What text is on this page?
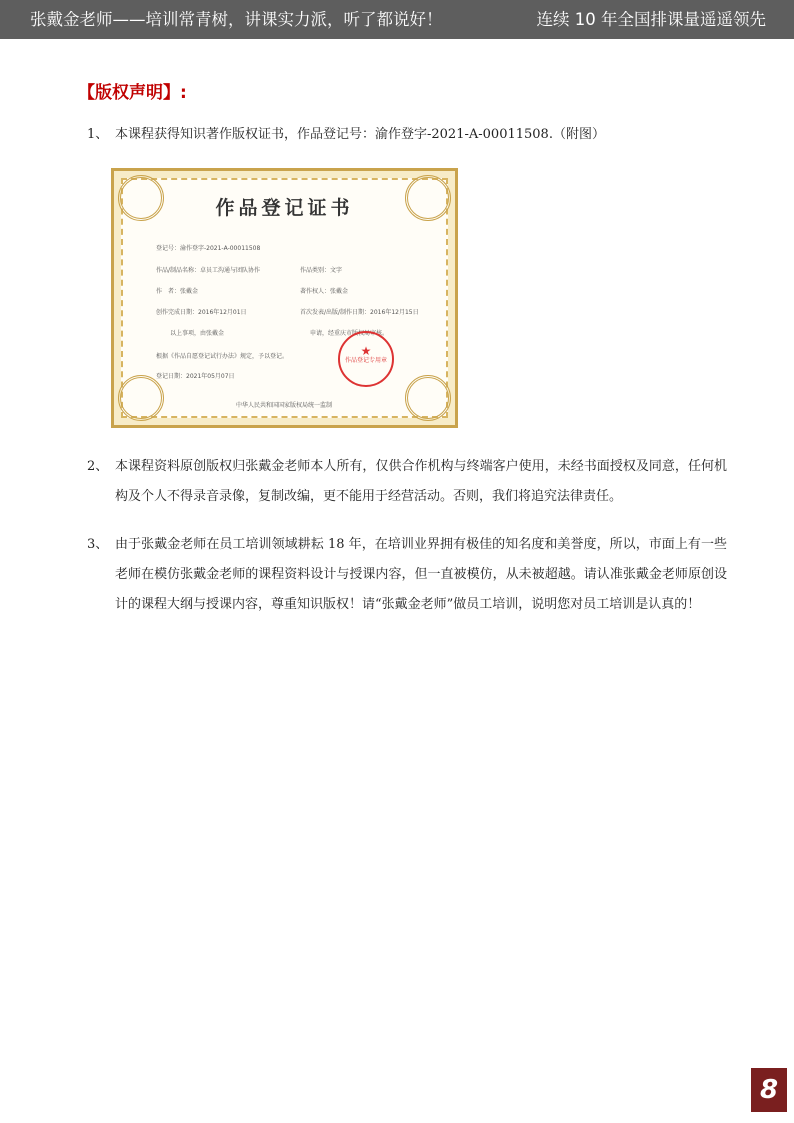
张戴金老师——培训常青树，讲课实力派，听了都说好！	连续 10 年全国排课量遥遥领先
【版权声明】:
1、 本课程获得知识著作版权证书，作品登记号：渝作登字-2021-A-00011508.（附图）
作品登记证书
登记号：渝作登字-2021-A-00011508
作品/制品名称：卓员工沟通与团队协作	作品类别：文字
作　者：张戴金	著作权人：张戴金
创作完成日期：2016年12月01日	首次发表/出版/制作日期：2016年12月15日
以上事项，由张戴金	申请，经重庆市版权局审核。
根据《作品自愿登记试行办法》规定，予以登记。
登记日期：2021年05月07日
中华人民共和国国家版权局统一监制
★
作品登记专用章
2、 本课程资料原创版权归张戴金老师本人所有，仅供合作机构与终端客户使用，未经书面授权及同意，任何机构及个人不得录音录像，复制改编，更不能用于经营活动。否则，我们将追究法律责任。
3、 由于张戴金老师在员工培训领域耕耘 18 年，在培训业界拥有极佳的知名度和美誉度，所以，市面上有一些老师在模仿张戴金老师的课程资料设计与授课内容，但一直被模仿，从未被超越。请认准张戴金老师原创设计的课程大纲与授课内容，尊重知识版权！请“张戴金老师”做员工培训，说明您对员工培训是认真的！
8
